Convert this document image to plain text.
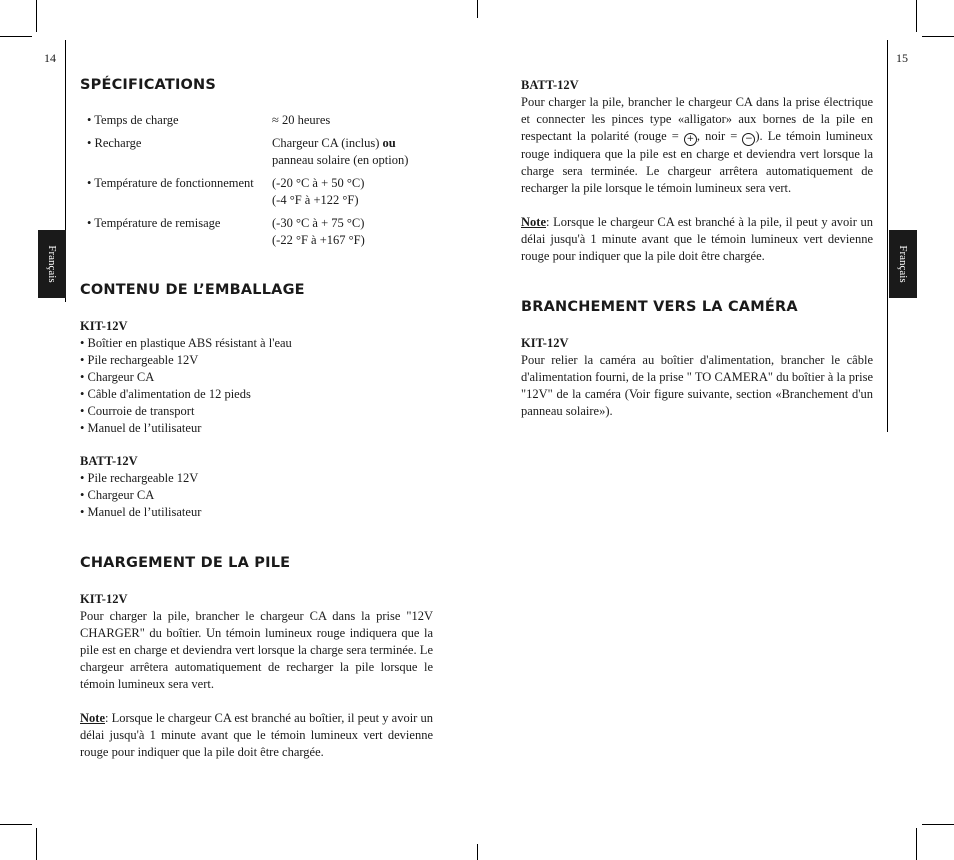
14	15
Français	Français
SPÉCIFICATIONS
• Temps de charge	≈ 20 heures
• Recharge	Chargeur CA (inclus) ou
panneau solaire (en option)
• Température de fonctionnement	(-20 °C à + 50 °C)
(-4 °F à +122 °F)
• Température de remisage	(-30 °C à + 75 °C)
(-22 °F à +167 °F)
CONTENU DE L’EMBALLAGE
KIT-12V
• Boîtier en plastique ABS résistant à l'eau
• Pile rechargeable 12V
• Chargeur CA
• Câble d'alimentation de 12 pieds
• Courroie de transport
• Manuel de l’utilisateur
BATT-12V
• Pile rechargeable 12V
• Chargeur CA
• Manuel de l’utilisateur
CHARGEMENT DE LA PILE
KIT-12V

Pour charger la pile, brancher le chargeur CA dans la prise "12V CHARGER" du boîtier. Un témoin lumineux rouge indiquera que la pile est en charge et deviendra vert lorsque la charge sera terminée. Le chargeur arrêtera automatiquement de recharger la pile lorsque le témoin lumineux sera vert.

Note: Lorsque le chargeur CA est branché au boîtier, il peut y avoir un délai jusqu'à 1 minute avant que le témoin lumineux vert devienne rouge pour indiquer que la pile doit être chargée.

BATT-12V

Pour charger la pile, brancher le chargeur CA dans la prise électrique et connecter les pinces type «alligator» aux bornes de la pile en respectant la polarité (rouge = + , noir = − ). Le témoin lumineux rouge indiquera que la pile est en charge et deviendra vert lorsque la charge sera terminée. Le chargeur arrêtera automatiquement de recharger la pile lorsque le témoin lumineux sera vert.

Note: Lorsque le chargeur CA est branché à la pile, il peut y avoir un délai jusqu'à 1 minute avant que le témoin lumineux vert devienne rouge pour indiquer que la pile doit être chargée.

BRANCHEMENT VERS LA CAMÉRA
KIT-12V

Pour relier la caméra au boîtier d'alimentation, brancher le câble d'alimentation fourni, de la prise " TO CAMERA" du boîtier à la prise "12V" de la caméra (Voir figure suivante, section «Branchement d'un panneau solaire»).
